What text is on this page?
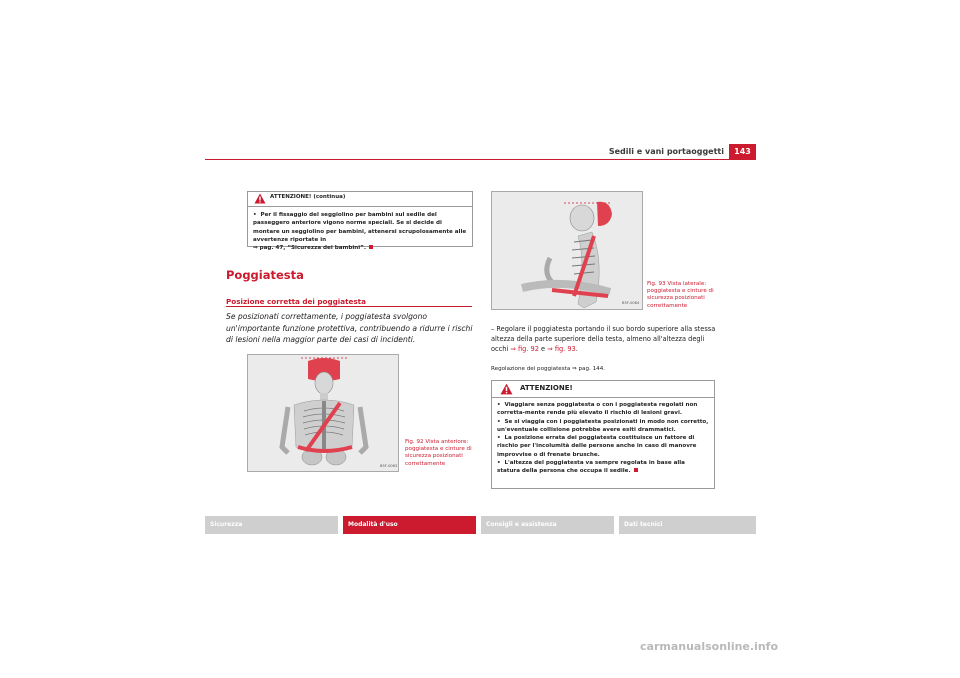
Sedili e vani portaoggetti	143
ATTENZIONE! (continua)
• Per il fissaggio del seggiolino per bambini sul sedile del passeggero anteriore vigono norme speciali. Se si decide di montare un seggiolino per bambini, attenersi scrupolosamente alle avvertenze riportate in
⇒ pag. 47, “Sicurezza dei bambini”.
Poggiatesta
Posizione corretta dei poggiatesta
Se posizionati correttamente, i poggiatesta svolgono un'importante funzione protettiva, contribuendo a ridurre i rischi di lesioni nella maggior parte dei casi di incidenti.
B5F-0063
Fig. 92 Vista anteriore:
poggiatesta e cinture di
sicurezza posizionati
correttamente
B5F-0064
Fig. 93 Vista laterale:
poggiatesta e cinture di
sicurezza posizionati
correttamente
– Regolare il poggiatesta portando il suo bordo superiore alla stessa altezza della parte superiore della testa, almeno all'altezza degli occhi ⇒ fig. 92 e ⇒ fig. 93.
Regolazione dei poggiatesta ⇒ pag. 144.
ATTENZIONE!
• Viaggiare senza poggiatesta o con i poggiatesta regolati non corretta-mente rende più elevato il rischio di lesioni gravi.
• Se si viaggia con i poggiatesta posizionati in modo non corretto, un'eventuale collisione potrebbe avere esiti drammatici.
• La posizione errata dei poggiatesta costituisce un fattore di rischio per l'incolumità delle persone anche in caso di manovre improvvise o di frenate brusche.
• L'altezza del poggiatesta va sempre regolata in base alla statura della persona che occupa il sedile.
Sicurezza	Modalità d'uso	Consigli e assistenza	Dati tecnici
carmanualsonline.info
